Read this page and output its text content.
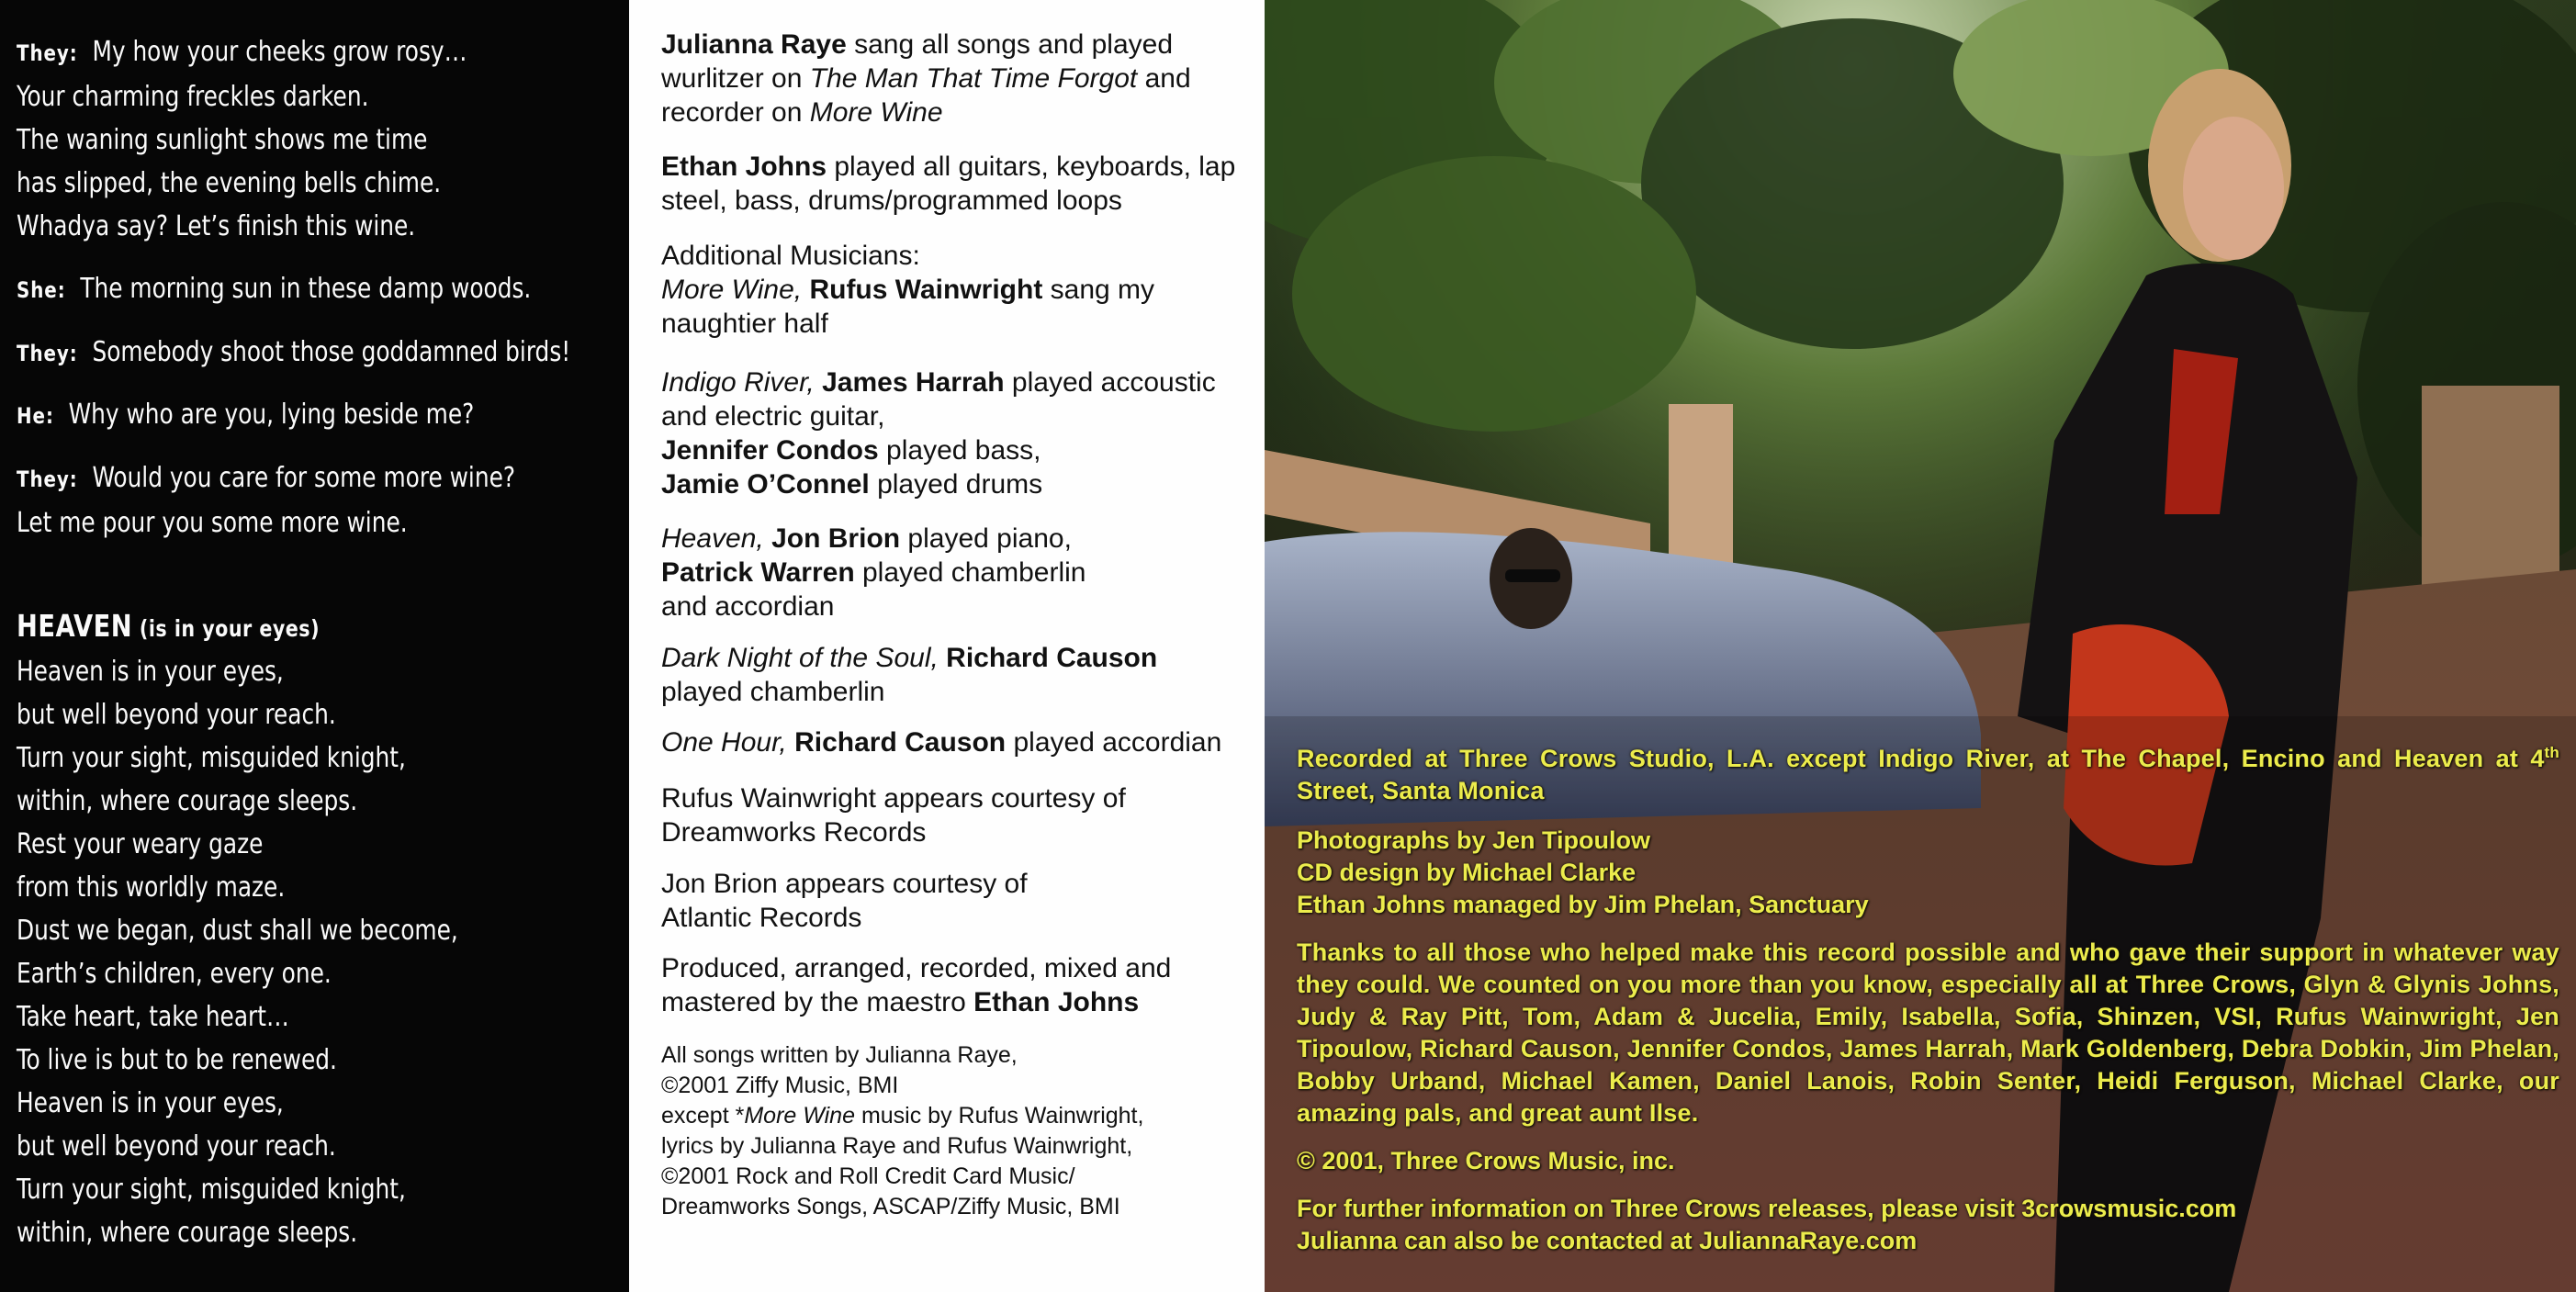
They: My how your cheeks grow rosy…
Your charming freckles darken.
The waning sunlight shows me time
has slipped, the evening bells chime.
Whadya say? Let’s finish this wine.
She: The morning sun in these damp woods.
They: Somebody shoot those goddamned birds!
He: Why who are you, lying beside me?
They: Would you care for some more wine?
Let me pour you some more wine.
HEAVEN (is in your eyes)
Heaven is in your eyes,
but well beyond your reach.
Turn your sight, misguided knight,
within, where courage sleeps.
Rest your weary gaze
from this worldly maze.
Dust we began, dust shall we become,
Earth’s children, every one.
Take heart, take heart…
To live is but to be renewed.
Heaven is in your eyes,
but well beyond your reach.
Turn your sight, misguided knight,
within, where courage sleeps.

Julianna Raye sang all songs and played wurlitzer on The Man That Time Forgot and recorder on More Wine

Ethan Johns played all guitars, keyboards, lap steel, bass, drums/programmed loops

Additional Musicians:
More Wine, Rufus Wainwright sang my naughtier half

Indigo River, James Harrah played accoustic and electric guitar,
Jennifer Condos played bass,
Jamie O’Connel played drums

Heaven, Jon Brion played piano,
Patrick Warren played chamberlin
and accordian

Dark Night of the Soul, Richard Causon
played chamberlin

One Hour, Richard Causon played accordian

Rufus Wainwright appears courtesy of
Dreamworks Records

Jon Brion appears courtesy of
Atlantic Records

Produced, arranged, recorded, mixed and
mastered by the maestro Ethan Johns

All songs written by Julianna Raye,
©2001 Ziffy Music, BMI
except *More Wine music by Rufus Wainwright,
lyrics by Julianna Raye and Rufus Wainwright,
©2001 Rock and Roll Credit Card Music/
Dreamworks Songs, ASCAP/Ziffy Music, BMI

Recorded at Three Crows Studio, L.A. except Indigo River, at The Chapel, Encino and Heaven at 4th Street, Santa Monica

Photographs by Jen Tipoulow
CD design by Michael Clarke
Ethan Johns managed by Jim Phelan, Sanctuary

Thanks to all those who helped make this record possible and who gave their support in whatever way they could. We counted on you more than you know, especially all at Three Crows, Glyn & Glynis Johns, Judy & Ray Pitt, Tom, Adam & Jucelia, Emily, Isabella, Sofia, Shinzen, VSI, Rufus Wainwright, Jen Tipoulow, Richard Causon, Jennifer Condos, James Harrah, Mark Goldenberg, Debra Dobkin, Jim Phelan, Bobby Urband, Michael Kamen, Daniel Lanois, Robin Senter, Heidi Ferguson, Michael Clarke, our amazing pals, and great aunt Ilse.

© 2001, Three Crows Music, inc.

For further information on Three Crows releases, please visit 3crowsmusic.com
Julianna can also be contacted at JuliannaRaye.com
